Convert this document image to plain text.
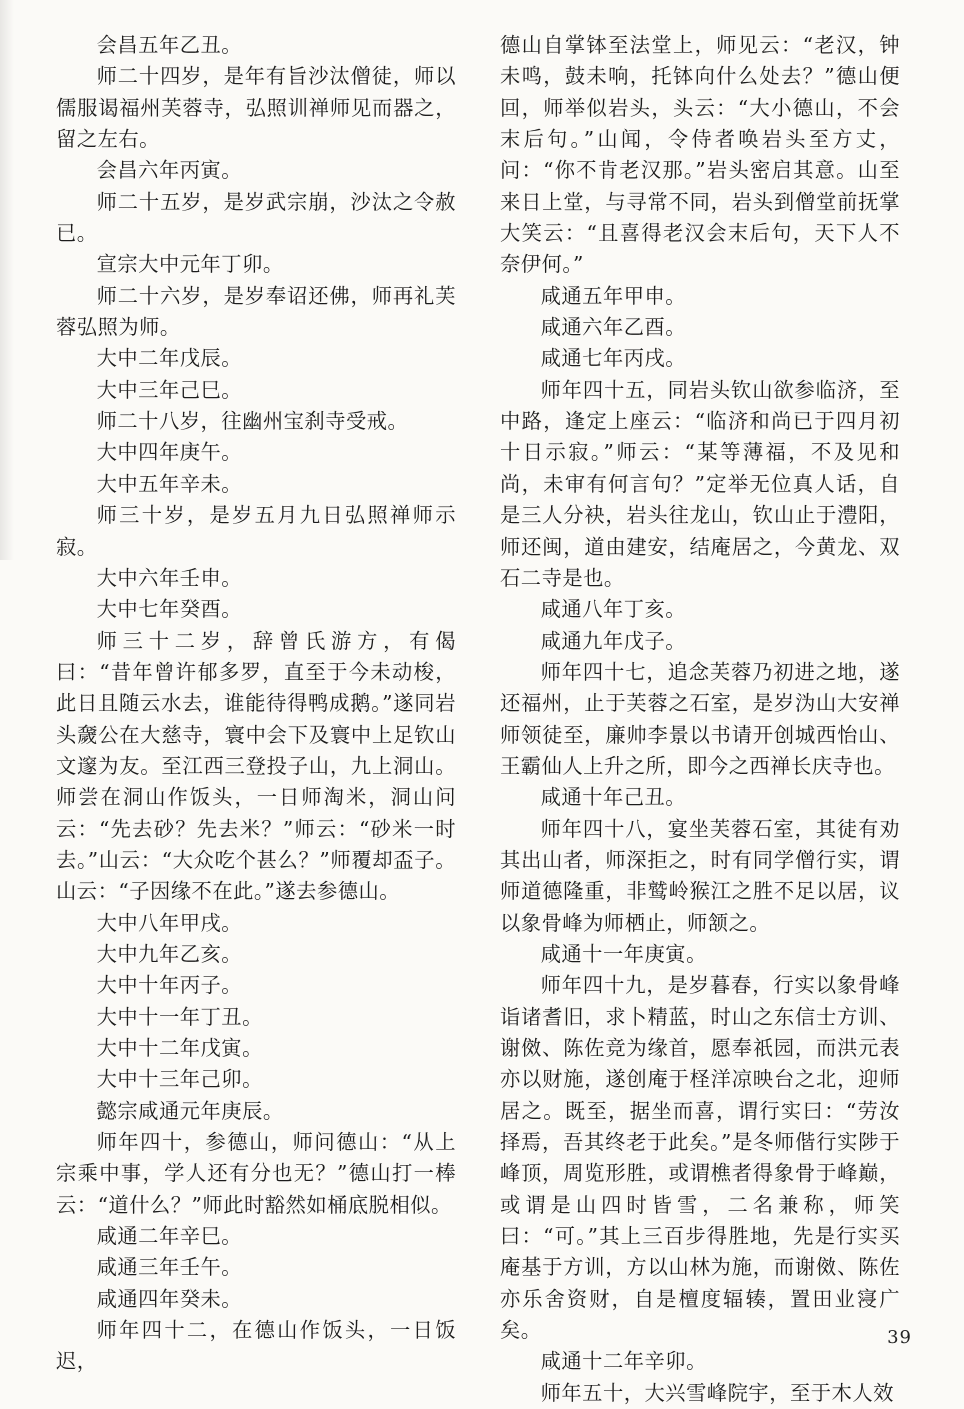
会昌五年乙丑。

师二十四岁，是年有旨沙汰僧徒，师以儒服谒福州芙蓉寺，弘照训禅师见而器之，留之左右。

会昌六年丙寅。

师二十五岁，是岁武宗崩，沙汰之令赦已。

宣宗大中元年丁卯。

师二十六岁，是岁奉诏还佛，师再礼芙蓉弘照为师。

大中二年戊辰。

大中三年己巳。

师二十八岁，往幽州宝刹寺受戒。

大中四年庚午。

大中五年辛未。

师三十岁，是岁五月九日弘照禅师示寂。

大中六年壬申。

大中七年癸酉。

师三十二岁，辞曾氏游方，有偈曰：“昔年曾许郁多罗，直至于今未动梭，此日且随云水去，谁能待得鸭成鹅。”遂同岩头奯公在大慈寺，寰中会下及寰中上足钦山文邃为友。至江西三登投子山，九上洞山。师尝在洞山作饭头，一日师淘米，洞山问云：“先去砂？先去米？”师云：“砂米一时去。”山云：“大众吃个甚么？”师覆却盃子。山云：“子因缘不在此。”遂去参德山。

大中八年甲戌。

大中九年乙亥。

大中十年丙子。

大中十一年丁丑。

大中十二年戊寅。

大中十三年己卯。

懿宗咸通元年庚辰。

师年四十，参德山，师问德山：“从上宗乘中事，学人还有分也无？”德山打一棒云：“道什么？”师此时豁然如桶底脱相似。

咸通二年辛巳。

咸通三年壬午。

咸通四年癸未。

师年四十二，在德山作饭头，一日饭迟，

德山自掌钵至法堂上，师见云：“老汉，钟未鸣，鼓未响，托钵向什么处去？”德山便回，师举似岩头，头云：“大小德山，不会末后句。”山闻，令侍者唤岩头至方丈，问：“你不肯老汉那。”岩头密启其意。山至来日上堂，与寻常不同，岩头到僧堂前抚掌大笑云：“且喜得老汉会末后句，天下人不奈伊何。”

咸通五年甲申。

咸通六年乙酉。

咸通七年丙戌。

师年四十五，同岩头钦山欲参临济，至中路，逢定上座云：“临济和尚已于四月初十日示寂。”师云：“某等薄福，不及见和尚，未审有何言句？”定举无位真人话，自是三人分袂，岩头往龙山，钦山止于澧阳，师还闽，道由建安，结庵居之，今黄龙、双石二寺是也。

咸通八年丁亥。

咸通九年戊子。

师年四十七，追念芙蓉乃初进之地，遂还福州，止于芙蓉之石室，是岁沩山大安禅师领徒至，廉帅李景以书请开创城西怡山、王霸仙人上升之所，即今之西禅长庆寺也。

咸通十年己丑。

师年四十八，宴坐芙蓉石室，其徒有劝其出山者，师深拒之，时有同学僧行实，谓师道德隆重，非鹫岭猴江之胜不足以居，议以象骨峰为师栖止，师颔之。

咸通十一年庚寅。

师年四十九，是岁暮春，行实以象骨峰诣诸耆旧，求卜精蓝，时山之东信士方训、谢傚、陈佐竞为缘首，愿奉祇园，而洪元表亦以财施，遂创庵于柽洋凉映台之北，迎师居之。既至，据坐而喜，谓行实曰：“劳汝择焉，吾其终老于此矣。”是冬师偕行实陟于峰顶，周览形胜，或谓樵者得象骨于峰巅，或谓是山四时皆雪，二名兼称，师笑曰：“可。”其上三百步得胜地，先是行实买庵基于方训，方以山林为施，而谢傚、陈佐亦乐舍资财，自是檀度辐辏，置田业寖广矣。

咸通十二年辛卯。

师年五十，大兴雪峰院宇，至于木人效

39
